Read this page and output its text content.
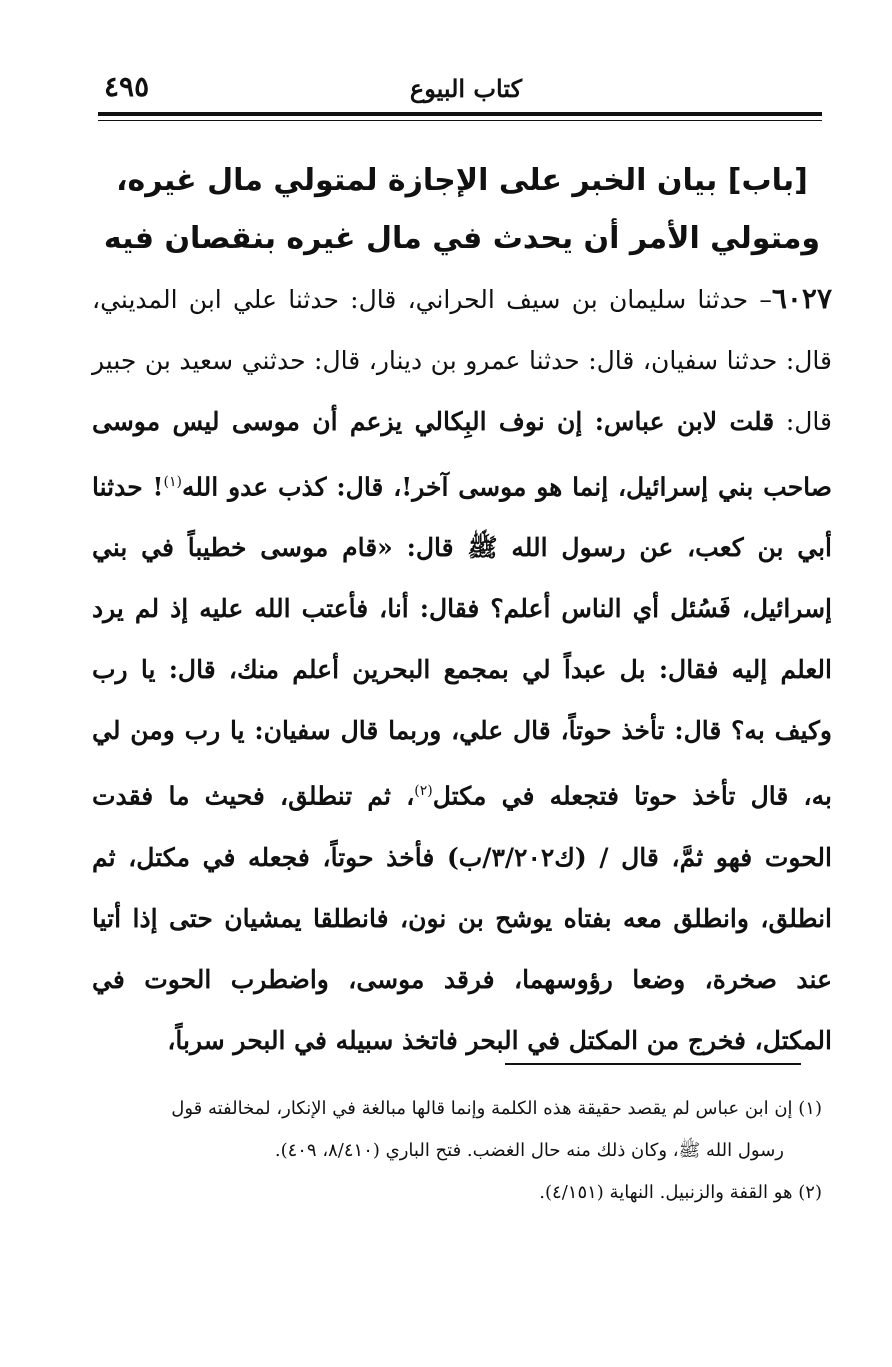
كتاب البيوع
٤٩٥
[باب] بيان الخبر على الإجازة لمتولي مال غيره، ومتولي الأمر أن يحدث في مال غيره بنقصان فيه
٦٠٢٧– حدثنا سليمان بن سيف الحراني، قال: حدثنا علي ابن المديني، قال: حدثنا سفيان، قال: حدثنا عمرو بن دينار، قال: حدثني سعيد بن جبير قال: قلت لابن عباس: إن نوف البِكالي يزعم أن موسى ليس موسى صاحب بني إسرائيل، إنما هو موسى آخر!، قال: كذب عدو الله$^{(١)}$! حدثنا أبي بن كعب، عن رسول الله ﷺ قال: «قام موسى خطيباً في بني إسرائيل، فَسُئل أي الناس أعلم؟ فقال: أنا، فأعتب الله عليه إذ لم يرد العلم إليه فقال: بل عبداً لي بمجمع البحرين أعلم منك، قال: يا رب وكيف به؟ قال: تأخذ حوتاً، قال علي، وربما قال سفيان: يا رب ومن لي به، قال تأخذ حوتا فتجعله في مكتل$^{(٢)}$، ثم تنطلق، فحيث ما فقدت الحوت فهو ثمَّ، قال / (ك٣/٢٠٢/ب) فأخذ حوتاً، فجعله في مكتل، ثم انطلق، وانطلق معه بفتاه يوشح بن نون، فانطلقا يمشيان حتى إذا أتيا عند صخرة، وضعا رؤوسهما، فرقد موسى، واضطرب الحوت في المكتل، فخرج من المكتل في البحر فاتخذ سبيله في البحر سرباً،

(١) إن ابن عباس لم يقصد حقيقة هذه الكلمة وإنما قالها مبالغة في الإنكار، لمخالفته قول

رسول الله ﷺ، وكان ذلك منه حال الغضب. فتح الباري (٨/٤١٠، ٤٠٩).

(٢) هو القفة والزنبيل. النهاية (٤/١٥١).
